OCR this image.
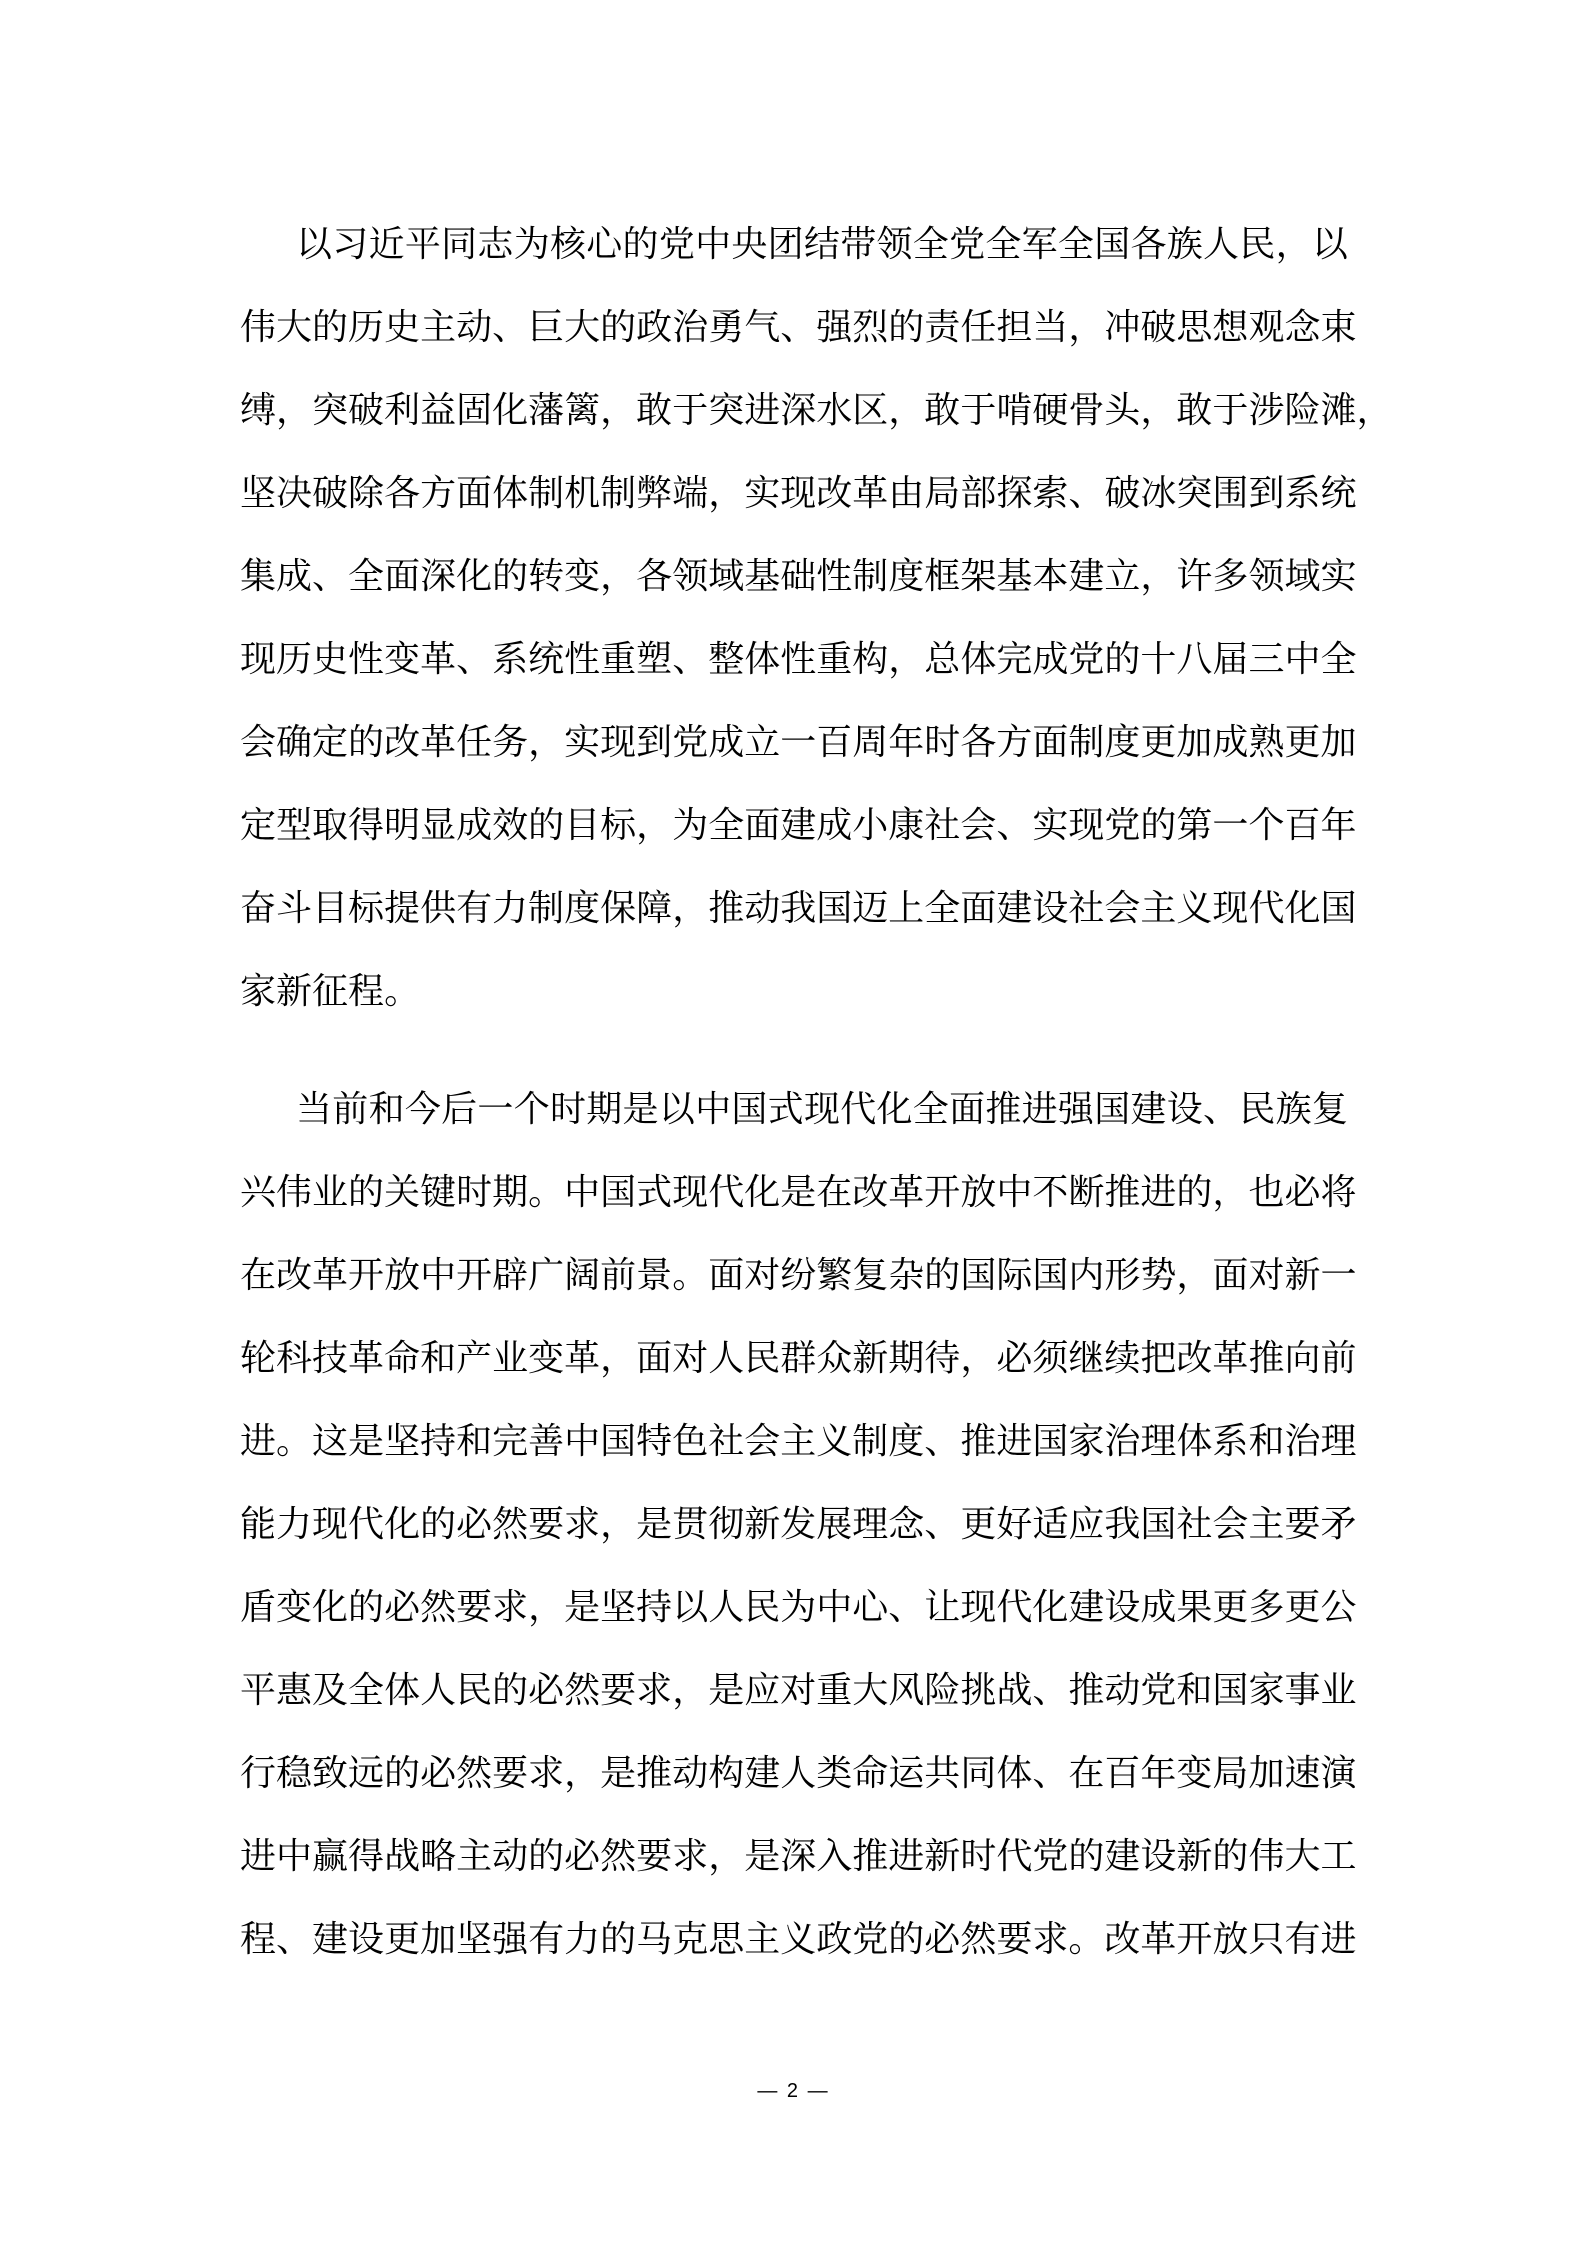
以 习 近 平 同 志 为 核 心 的 党 中 央 团 结 带 领 全 党 全 军 全 国 各 族 人 民 ， 以
伟 大 的 历 史 主 动 、 巨 大 的 政 治 勇 气 、 强 烈 的 责 任 担 当 ， 冲 破 思 想 观 念 束
缚 ， 突 破 利 益 固 化 藩 篱 ， 敢 于 突 进 深 水 区 ， 敢 于 啃 硬 骨 头 ， 敢 于 涉 险 滩 ，
坚 决 破 除 各 方 面 体 制 机 制 弊 端 ， 实 现 改 革 由 局 部 探 索 、 破 冰 突 围 到 系 统
集 成 、 全 面 深 化 的 转 变 ， 各 领 域 基 础 性 制 度 框 架 基 本 建 立 ， 许 多 领 域 实
现 历 史 性 变 革 、 系 统 性 重 塑 、 整 体 性 重 构 ， 总 体 完 成 党 的 十 八 届 三 中 全
会 确 定 的 改 革 任 务 ， 实 现 到 党 成 立 一 百 周 年 时 各 方 面 制 度 更 加 成 熟 更 加
定 型 取 得 明 显 成 效 的 目 标 ， 为 全 面 建 成 小 康 社 会 、 实 现 党 的 第 一 个 百 年
奋 斗 目 标 提 供 有 力 制 度 保 障 ， 推 动 我 国 迈 上 全 面 建 设 社 会 主 义 现 代 化 国
家 新 征 程 。
当 前 和 今 后 一 个 时 期 是 以 中 国 式 现 代 化 全 面 推 进 强 国 建 设 、 民 族 复
兴 伟 业 的 关 键 时 期 。 中 国 式 现 代 化 是 在 改 革 开 放 中 不 断 推 进 的 ， 也 必 将
在 改 革 开 放 中 开 辟 广 阔 前 景 。 面 对 纷 繁 复 杂 的 国 际 国 内 形 势 ， 面 对 新 一
轮 科 技 革 命 和 产 业 变 革 ， 面 对 人 民 群 众 新 期 待 ， 必 须 继 续 把 改 革 推 向 前
进 。 这 是 坚 持 和 完 善 中 国 特 色 社 会 主 义 制 度 、 推 进 国 家 治 理 体 系 和 治 理
能 力 现 代 化 的 必 然 要 求 ， 是 贯 彻 新 发 展 理 念 、 更 好 适 应 我 国 社 会 主 要 矛
盾 变 化 的 必 然 要 求 ， 是 坚 持 以 人 民 为 中 心 、 让 现 代 化 建 设 成 果 更 多 更 公
平 惠 及 全 体 人 民 的 必 然 要 求 ， 是 应 对 重 大 风 险 挑 战 、 推 动 党 和 国 家 事 业
行 稳 致 远 的 必 然 要 求 ， 是 推 动 构 建 人 类 命 运 共 同 体 、 在 百 年 变 局 加 速 演
进 中 赢 得 战 略 主 动 的 必 然 要 求 ， 是 深 入 推 进 新 时 代 党 的 建 设 新 的 伟 大 工
程 、 建 设 更 加 坚 强 有 力 的 马 克 思 主 义 政 党 的 必 然 要 求 。 改 革 开 放 只 有 进
— 2 —
